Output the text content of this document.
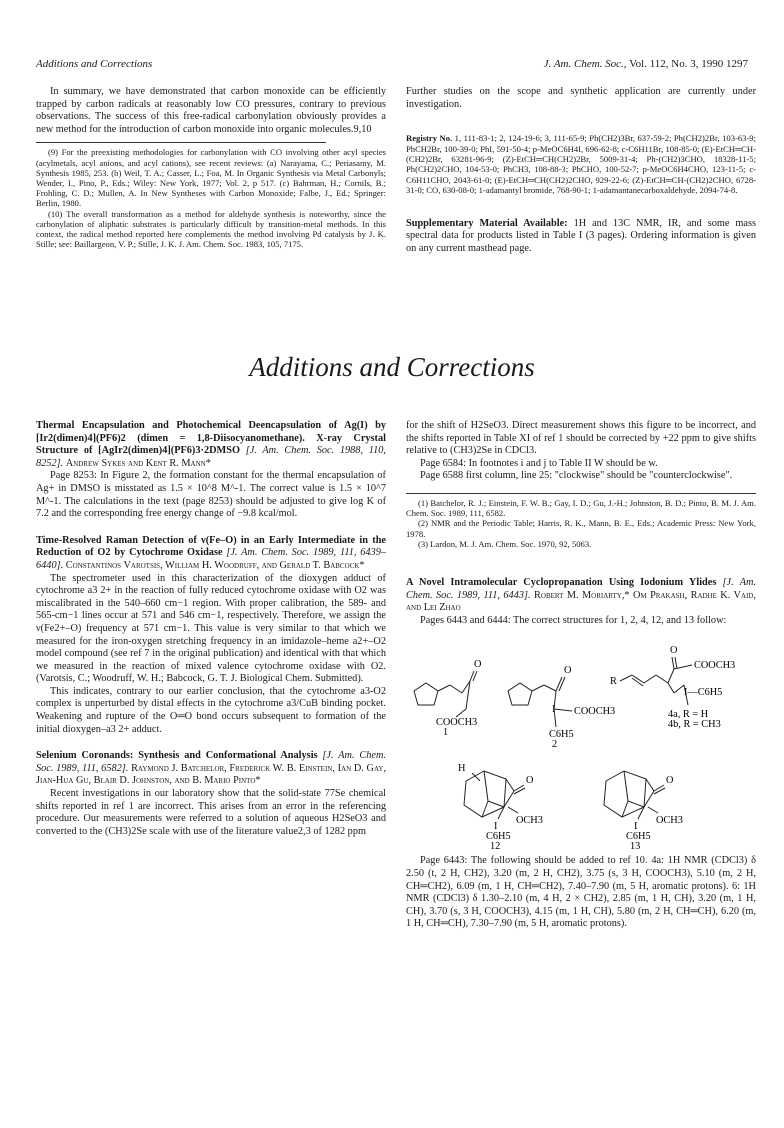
Additions and Corrections	J. Am. Chem. Soc., Vol. 112, No. 3, 1990 1297

In summary, we have demonstrated that carbon monoxide can be efficiently trapped by carbon radicals at reasonably low CO pressures, contrary to previous observations. The success of this free-radical carbonylation obviously provides a new method for the introduction of carbon monoxide into organic molecules.9,10

(9) For the preexisting methodologies for carbonylation with CO involving other acyl species (acylmetals, acyl anions, and acyl cations), see recent reviews: (a) Narayama, C.; Periasamy, M. Synthesis 1985, 253. (b) Weil, T. A.; Casser, L.; Foa, M. In Organic Synthesis via Metal Carbonyls; Wender, I., Pino, P., Eds.; Wiley: New York, 1977; Vol. 2, p 517. (c) Bahrman, H.; Cornils, B.; Frohling, C. D.; Mullen, A. In New Syntheses with Carbon Monoxide; Falbe, J., Ed.; Springer: Berlin, 1980.

(10) The overall transformation as a method for aldehyde synthesis is noteworthy, since the carbonylation of aliphatic substrates is particularly difficult by transition-metal methods. In this context, the radical method reported here complements the method involving Pd catalysis by J. K. Stille; see: Baillargeon, V. P.; Stille, J. K. J. Am. Chem. Soc. 1983, 105, 7175.

Further studies on the scope and synthetic application are currently under investigation.

Registry No. 1, 111-83-1; 2, 124-19-6; 3, 111-65-9; Ph(CH2)3Br, 637-59-2; Ph(CH2)2Br, 103-63-9; PhCH2Br, 100-39-0; PhI, 591-50-4; p-MeOC6H4I, 696-62-8; c-C6H11Br, 108-85-0; (E)-EtCH═CH-(CH2)2Br, 63281-96-9; (Z)-EtCH═CH(CH2)2Br, 5009-31-4; Ph-(CH2)3CHO, 18328-11-5; Ph(CH2)2CHO, 104-53-0; PhCH3, 108-88-3; PhCHO, 100-52-7; p-MeOC6H4CHO, 123-11-5; c-C6H11CHO, 2043-61-0; (E)-EtCH═CH(CH2)2CHO, 929-22-6; (Z)-EtCH═CH-(CH2)2CHO, 6728-31-0; CO, 630-08-0; 1-adamantyl bromide, 768-90-1; 1-adamantanecarboxaldehyde, 2094-74-8.

Supplementary Material Available: 1H and 13C NMR, IR, and some mass spectral data for products listed in Table I (3 pages). Ordering information is given on any current masthead page.

Additions and Corrections

Thermal Encapsulation and Photochemical Deencapsulation of Ag(I) by [Ir2(dimen)4](PF6)2 (dimen = 1,8-Diisocyanomethane). X-ray Crystal Structure of [AgIr2(dimen)4](PF6)3·2DMSO [J. Am. Chem. Soc. 1988, 110, 8252]. Andrew Sykes and Kent R. Mann*

Page 8253: In Figure 2, the formation constant for the thermal encapsulation of Ag+ in DMSO is misstated as 1.5 × 10^8 M^-1. The correct value is 1.5 × 10^7 M^-1. The calculations in the text (page 8253) should be adjusted to give log K of 7.2 and the corresponding free energy change of −9.8 kcal/mol.

Time-Resolved Raman Detection of ν(Fe–O) in an Early Intermediate in the Reduction of O2 by Cytochrome Oxidase [J. Am. Chem. Soc. 1989, 111, 6439–6440]. Constantinos Varotsis, William H. Woodruff, and Gerald T. Babcock*

The spectrometer used in this characterization of the dioxygen adduct of cytochrome a3 2+ in the reaction of fully reduced cytochrome oxidase with O2 was miscalibrated in the 540–660 cm−1 region. With proper calibration, the 589- and 565-cm−1 lines occur at 571 and 546 cm−1, respectively. Therefore, we assign the ν(Fe2+–O) frequency at 571 cm−1. This value is very similar to that which we measured for the iron-oxygen stretching frequency in an imidazole–heme a2+–O2 model compound (see ref 7 in the original publication) and identical with that which we measured in the reaction of mixed valence cytochrome oxidase with O2. (Varotsis, C.; Woodruff, W. H.; Babcock, G. T. J. Biological Chem. Submitted).

This indicates, contrary to our earlier conclusion, that the cytochrome a3-O2 complex is unperturbed by distal effects in the cytochrome a3/CuB binding pocket. Weakening and rupture of the O═O bond occurs subsequent to formation of the initial dioxygen–a3 2+ adduct.

Selenium Coronands: Synthesis and Conformational Analysis [J. Am. Chem. Soc. 1989, 111, 6582]. Raymond J. Batchelor, Frederick W. B. Einstein, Ian D. Gay, Jian-Hua Gu, Blair D. Johnston, and B. Mario Pinto*

Recent investigations in our laboratory show that the solid-state 77Se chemical shifts reported in ref 1 are incorrect. This arises from an error in the referencing procedure. Our measurements were referred to a solution of aqueous H2SeO3 and converted to the (CH3)2Se scale with use of the literature value2,3 of 1282 ppm

for the shift of H2SeO3. Direct measurement shows this figure to be incorrect, and the shifts reported in Table XI of ref 1 should be corrected by +22 ppm to give shifts relative to (CH3)2Se in CDCl3.

Page 6584: In footnotes i and j to Table II W should be w.

Page 6588 first column, line 25: "clockwise" should be "counterclockwise".

(1) Batchelor, R. J.; Einstein, F. W. B.; Gay, I. D.; Gu, J.-H.; Johnston, B. D.; Pinto, B. M. J. Am. Chem. Soc. 1989, 111, 6582.

(2) NMR and the Periodic Table; Harris, R. K., Mann, B. E., Eds.; Academic Press: New York, 1978.

(3) Lardon, M. J. Am. Chem. Soc. 1970, 92, 5063.

A Novel Intramolecular Cyclopropanation Using Iodonium Ylides [J. Am. Chem. Soc. 1989, 111, 6443]. Robert M. Moriarty,* Om Prakash, Radhe K. Vaid, and Lei Zhao

Pages 6443 and 6444: The correct structures for 1, 2, 4, 12, and 13 follow:

O
COOCH3
1
O
I COOCH3
C6H5
2
R
O
COOCH3
I—C6H5
4a, R = H
4b, R = CH3
H
O
I
OCH3
C6H5
12
O
I
OCH3
C6H5
13

Page 6443: The following should be added to ref 10. 4a: 1H NMR (CDCl3) δ 2.50 (t, 2 H, CH2), 3.20 (m, 2 H, CH2), 3.75 (s, 3 H, COOCH3), 5.10 (m, 2 H, CH═CH2), 6.09 (m, 1 H, CH═CH2), 7.40–7.90 (m, 5 H, aromatic protons). 6: 1H NMR (CDCl3) δ 1.30–2.10 (m, 4 H, 2 × CH2), 2.85 (m, 1 H, CH), 3.20 (m, 1 H, CH), 3.70 (s, 3 H, COOCH3), 4.15 (m, 1 H, CH), 5.80 (m, 2 H, CH═CH), 6.20 (m, 1 H, CH═CH), 7.30–7.90 (m, 5 H, aromatic protons).
